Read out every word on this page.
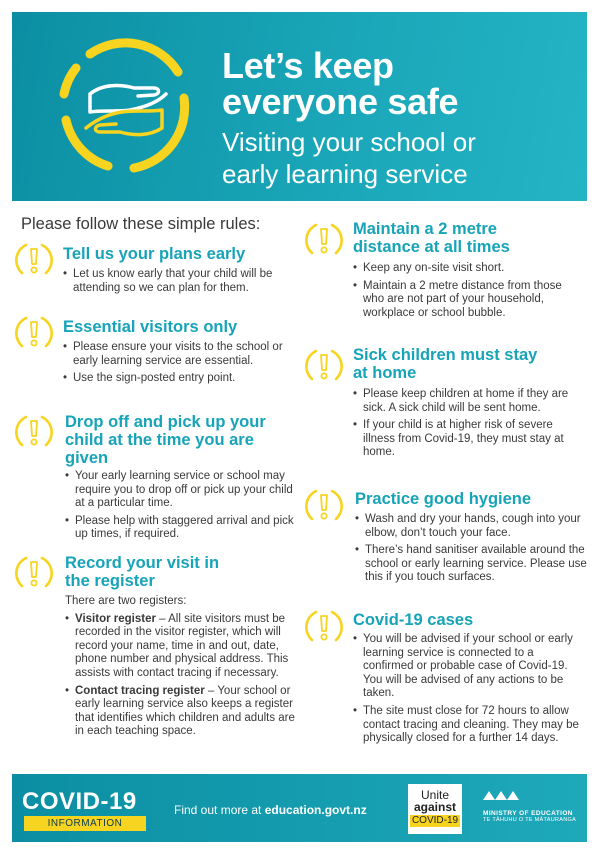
Let’s keep
everyone safe
Visiting your school or
early learning service
Please follow these simple rules:
Tell us your plans early
• Let us know early that your child will be attending so we can plan for them.
Essential visitors only
• Please ensure your visits to the school or early learning service are essential.
• Use the sign-posted entry point.
Drop off and pick up your
child at the time you are
given
• Your early learning service or school may require you to drop off or pick up your child at a particular time.
• Please help with staggered arrival and pick up times, if required.
Record your visit in
the register
There are two registers:
• Visitor register – All site visitors must be recorded in the visitor register, which will record your name, time in and out, date, phone number and physical address. This assists with contact tracing if necessary.
• Contact tracing register – Your school or early learning service also keeps a register that identifies which children and adults are in each teaching space.
Maintain a 2 metre
distance at all times
• Keep any on-site visit short.
• Maintain a 2 metre distance from those who are not part of your household, workplace or school bubble.
Sick children must stay
at home
• Please keep children at home if they are sick. A sick child will be sent home.
• If your child is at higher risk of severe illness from Covid-19, they must stay at home.
Practice good hygiene
• Wash and dry your hands, cough into your elbow, don’t touch your face.
• There’s hand sanitiser available around the school or early learning service. Please use this if you touch surfaces.
Covid-19 cases
• You will be advised if your school or early learning service is connected to a confirmed or probable case of Covid-19. You will be advised of any actions to be taken.
• The site must close for 72 hours to allow contact tracing and cleaning. They may be physically closed for a further 14 days.
COVID-19
INFORMATION
Find out more at education.govt.nz
Unite
against
COVID-19
MINISTRY OF EDUCATION
TE TĀHUHU O TE MĀTAURANGA
